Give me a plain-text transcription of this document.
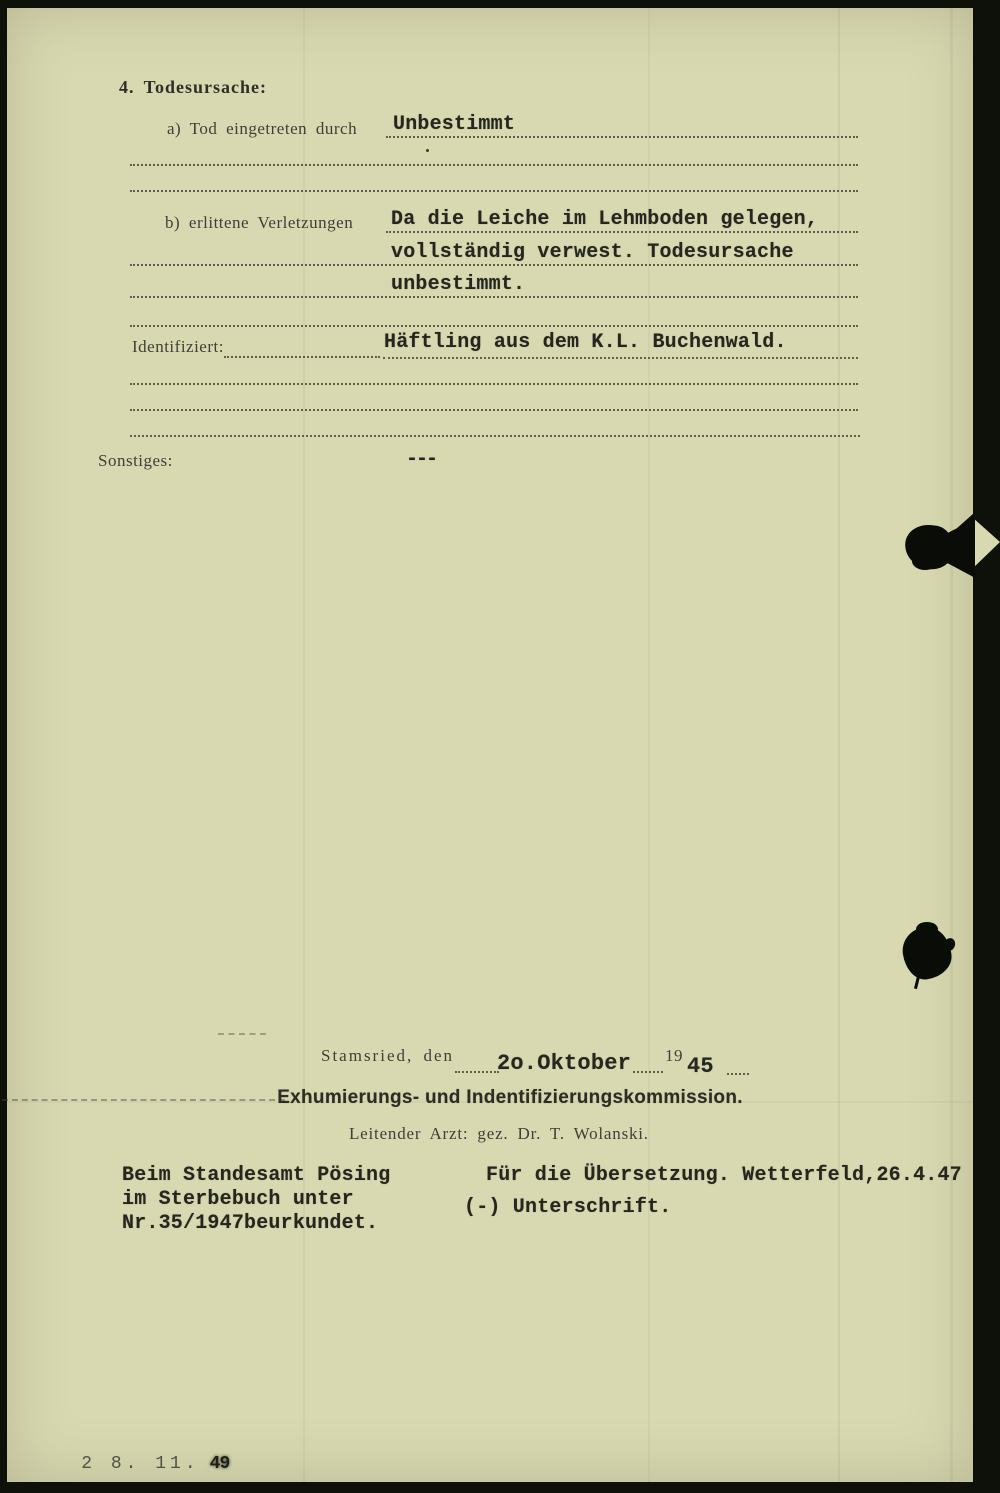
4. Todesursache:
a) Tod eingetreten durch Unbestimmt
b) erlittene Verletzungen Da die Leiche im Lehmboden gelegen,
vollständig verwest. Todesursache
unbestimmt.
Identifiziert:	Häftling aus dem K.L. Buchenwald.
Sonstiges:	---
Stamsried, den 2o.Oktober 19 45
Exhumierungs- und Indentifizierungskommission.
Leitender Arzt: gez. Dr. T. Wolanski.
Beim Standesamt Pösing
im Sterbebuch unter
Nr.35/1947beurkundet.
Für die Übersetzung. Wetterfeld,26.4.47
(-) Unterschrift.

2 8. 11. 49
